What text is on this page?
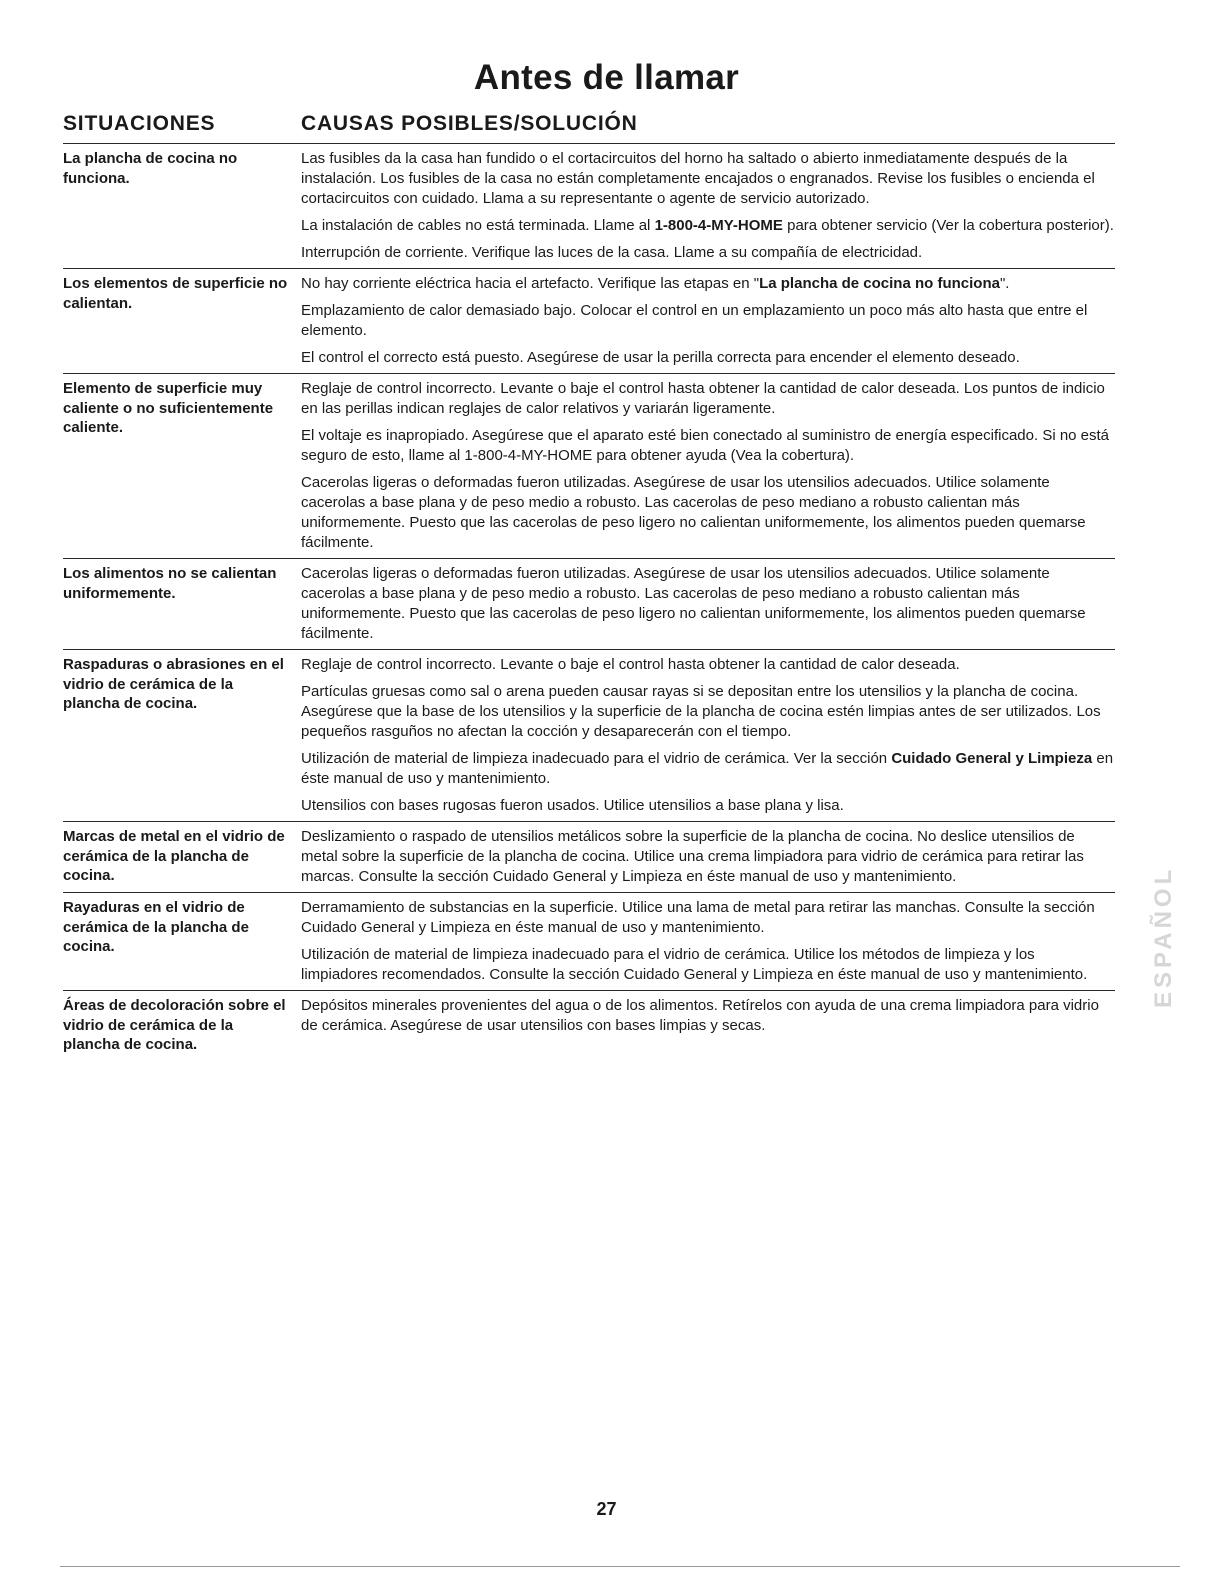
Antes de llamar
SITUACIONES	CAUSAS POSIBLES/SOLUCIÓN
La plancha de cocina no funciona.
Las fusibles da la casa han fundido o el cortacircuitos del horno ha saltado o abierto inmediatamente después de la instalación. Los fusibles de la casa no están completamente encajados o engranados. Revise los fusibles o encienda el cortacircuitos con cuidado. Llama a su representante o agente de servicio autorizado.
La instalación de cables no está terminada. Llame al 1-800-4-MY-HOME para obtener servicio (Ver la cobertura posterior).
Interrupción de corriente. Verifique las luces de la casa. Llame a su compañía de electricidad.
Los elementos de superficie no calientan.
No hay corriente eléctrica hacia el artefacto. Verifique las etapas en "La plancha de cocina no funciona".
Emplazamiento de calor demasiado bajo. Colocar el control en un emplazamiento un poco más alto hasta que entre el elemento.
El control el correcto está puesto. Asegúrese de usar la perilla correcta para encender el elemento deseado.
Elemento de superficie muy caliente o no suficientemente caliente.
Reglaje de control incorrecto. Levante o baje el control hasta obtener la cantidad de calor deseada. Los puntos de indicio en las perillas indican reglajes de calor relativos y variarán ligeramente.
El voltaje es inapropiado. Asegúrese que el aparato esté bien conectado al suministro de energía especificado. Si no está seguro de esto, llame al 1-800-4-MY-HOME para obtener ayuda (Vea la cobertura).
Cacerolas ligeras o deformadas fueron utilizadas. Asegúrese de usar los utensilios adecuados. Utilice solamente cacerolas a base plana y de peso medio a robusto. Las cacerolas de peso mediano a robusto calientan más uniformemente. Puesto que las cacerolas de peso ligero no calientan uniformemente, los alimentos pueden quemarse fácilmente.
Los alimentos no se calientan uniformemente.
Cacerolas ligeras o deformadas fueron utilizadas. Asegúrese de usar los utensilios adecuados. Utilice solamente cacerolas a base plana y de peso medio a robusto. Las cacerolas de peso mediano a robusto calientan más uniformemente. Puesto que las cacerolas de peso ligero no calientan uniformemente, los alimentos pueden quemarse fácilmente.
Raspaduras o abrasiones en el vidrio de cerámica de la plancha de cocina.
Reglaje de control incorrecto. Levante o baje el control hasta obtener la cantidad de calor deseada.
Partículas gruesas como sal o arena pueden causar rayas si se depositan entre los utensilios y la plancha de cocina. Asegúrese que la base de los utensilios y la superficie de la plancha de cocina estén limpias antes de ser utilizados. Los pequeños rasguños no afectan la cocción y desaparecerán con el tiempo.
Utilización de material de limpieza inadecuado para el vidrio de cerámica. Ver la sección Cuidado General y Limpieza en éste manual de uso y mantenimiento.
Utensilios con bases rugosas fueron usados. Utilice utensilios a base plana y lisa.
Marcas de metal en el vidrio de cerámica de la plancha de cocina.
Deslizamiento o raspado de utensilios metálicos sobre la superficie de la plancha de cocina. No deslice utensilios de metal sobre la superficie de la plancha de cocina. Utilice una crema limpiadora para vidrio de cerámica para retirar las marcas. Consulte la sección Cuidado General y Limpieza en éste manual de uso y mantenimiento.
Rayaduras en el vidrio de cerámica de la plancha de cocina.
Derramamiento de substancias en la superficie. Utilice una lama de metal para retirar las manchas. Consulte la sección Cuidado General y Limpieza en éste manual de uso y mantenimiento.
Utilización de material de limpieza inadecuado para el vidrio de cerámica. Utilice los métodos de limpieza y los limpiadores recomendados. Consulte la sección Cuidado General y Limpieza en éste manual de uso y mantenimiento.
Áreas de decoloración sobre el vidrio de cerámica de la plancha de cocina.
Depósitos minerales provenientes del agua o de los alimentos. Retírelos con ayuda de una crema limpiadora para vidrio de cerámica. Asegúrese de usar utensilios con bases limpias y secas.
ESPAÑOL
27
